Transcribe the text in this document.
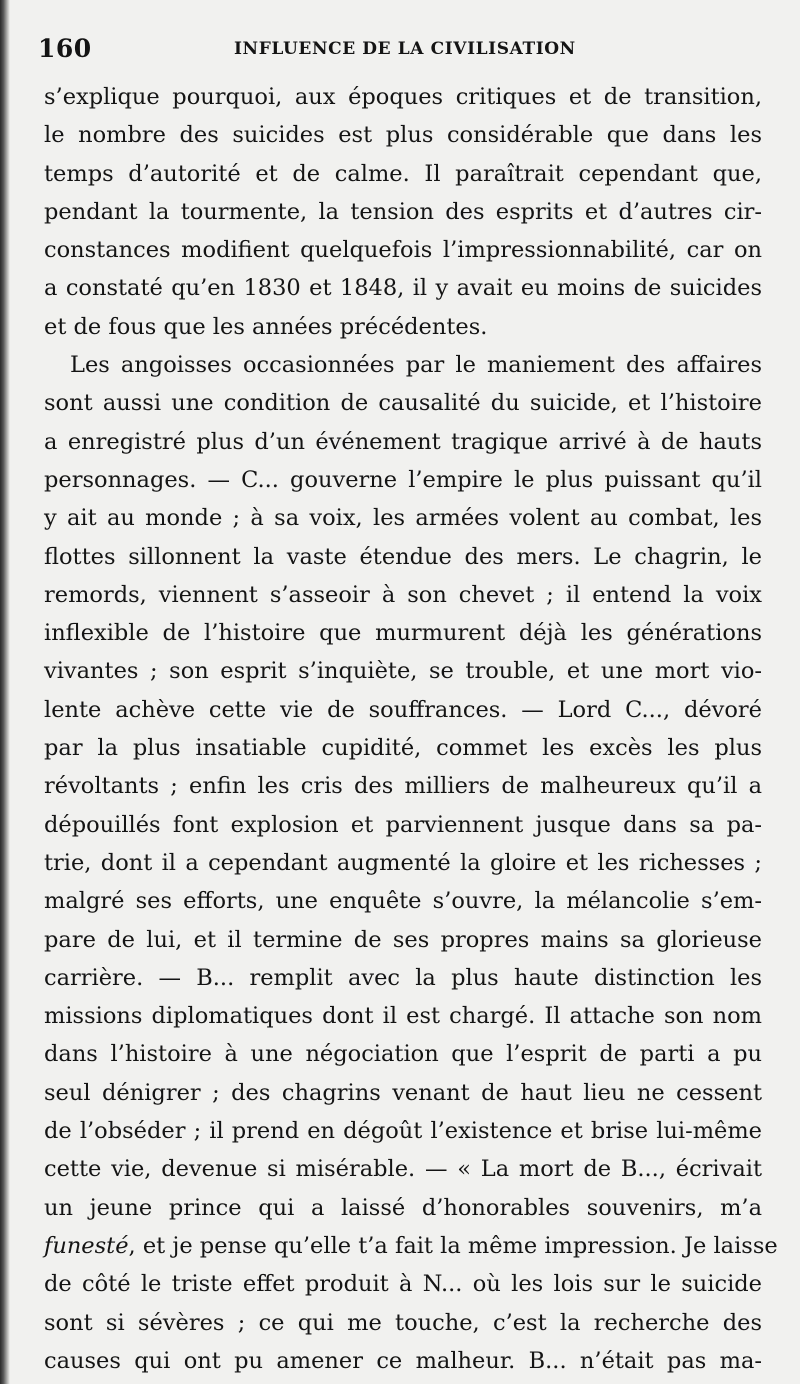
160	INFLUENCE DE LA CIVILISATION
s’explique pourquoi, aux époques critiques et de transition,
le nombre des suicides est plus considérable que dans les
temps d’autorité et de calme. Il paraîtrait cependant que,
pendant la tourmente, la tension des esprits et d’autres cir-
constances modifient quelquefois l’impressionnabilité, car on
a constaté qu’en 1830 et 1848, il y avait eu moins de suicides
et de fous que les années précédentes.
Les angoisses occasionnées par le maniement des affaires
sont aussi une condition de causalité du suicide, et l’histoire
a enregistré plus d’un événement tragique arrivé à de hauts
personnages. — C... gouverne l’empire le plus puissant qu’il
y ait au monde ; à sa voix, les armées volent au combat, les
flottes sillonnent la vaste étendue des mers. Le chagrin, le
remords, viennent s’asseoir à son chevet ; il entend la voix
inflexible de l’histoire que murmurent déjà les générations
vivantes ; son esprit s’inquiète, se trouble, et une mort vio-
lente achève cette vie de souffrances. — Lord C..., dévoré
par la plus insatiable cupidité, commet les excès les plus
révoltants ; enfin les cris des milliers de malheureux qu’il a
dépouillés font explosion et parviennent jusque dans sa pa-
trie, dont il a cependant augmenté la gloire et les richesses ;
malgré ses efforts, une enquête s’ouvre, la mélancolie s’em-
pare de lui, et il termine de ses propres mains sa glorieuse
carrière. — B... remplit avec la plus haute distinction les
missions diplomatiques dont il est chargé. Il attache son nom
dans l’histoire à une négociation que l’esprit de parti a pu
seul dénigrer ; des chagrins venant de haut lieu ne cessent
de l’obséder ; il prend en dégoût l’existence et brise lui-même
cette vie, devenue si misérable. — « La mort de B..., écrivait
un jeune prince qui a laissé d’honorables souvenirs, m’a
funesté, et je pense qu’elle t’a fait la même impression. Je laisse
de côté le triste effet produit à N... où les lois sur le suicide
sont si sévères ; ce qui me touche, c’est la recherche des
causes qui ont pu amener ce malheur. B... n’était pas ma-
